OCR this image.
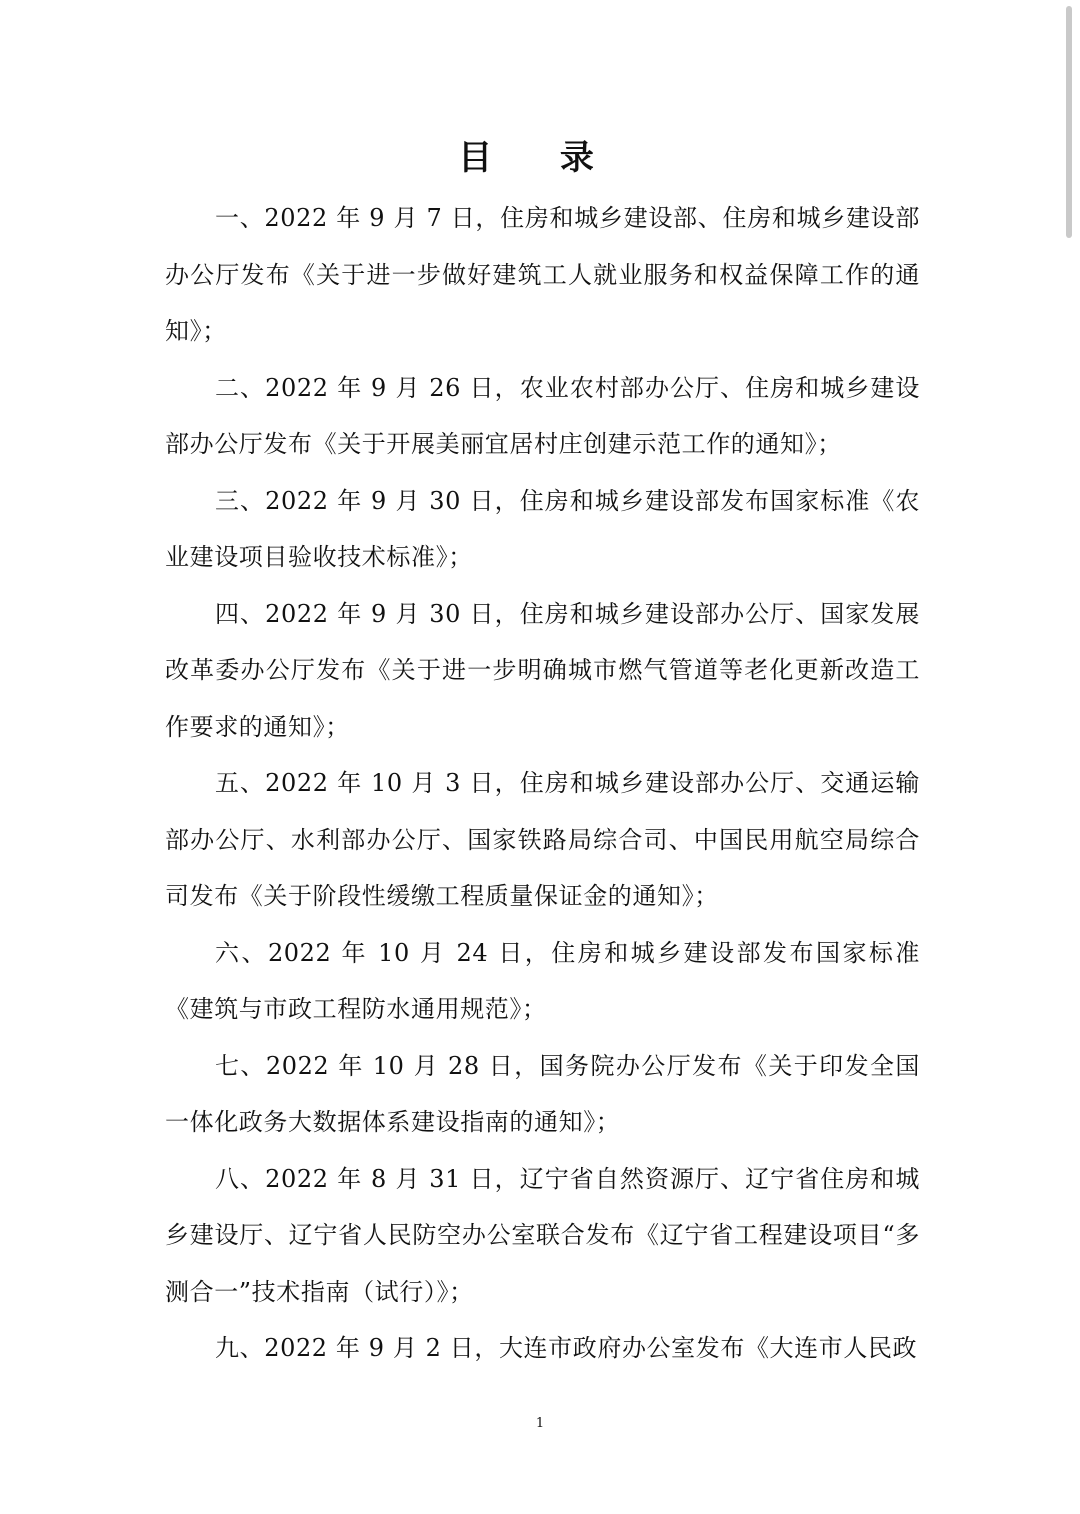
目 录

一、2022 年 9 月 7 日，住房和城乡建设部、住房和城乡建设部办公厅发布《关于进一步做好建筑工人就业服务和权益保障工作的通知》；

二、2022 年 9 月 26 日，农业农村部办公厅、住房和城乡建设部办公厅发布《关于开展美丽宜居村庄创建示范工作的通知》；

三、2022 年 9 月 30 日，住房和城乡建设部发布国家标准《农业建设项目验收技术标准》；

四、2022 年 9 月 30 日，住房和城乡建设部办公厅、国家发展改革委办公厅发布《关于进一步明确城市燃气管道等老化更新改造工作要求的通知》；

五、2022 年 10 月 3 日，住房和城乡建设部办公厅、交通运输部办公厅、水利部办公厅、国家铁路局综合司、中国民用航空局综合司发布《关于阶段性缓缴工程质量保证金的通知》；

六、2022 年 10 月 24 日，住房和城乡建设部发布国家标准《建筑与市政工程防水通用规范》；

七、2022 年 10 月 28 日，国务院办公厅发布《关于印发全国一体化政务大数据体系建设指南的通知》；

八、2022 年 8 月 31 日，辽宁省自然资源厅、辽宁省住房和城乡建设厅、辽宁省人民防空办公室联合发布《辽宁省工程建设项目“多测合一”技术指南（试行）》；

九、2022 年 9 月 2 日，大连市政府办公室发布《大连市人民政

1
